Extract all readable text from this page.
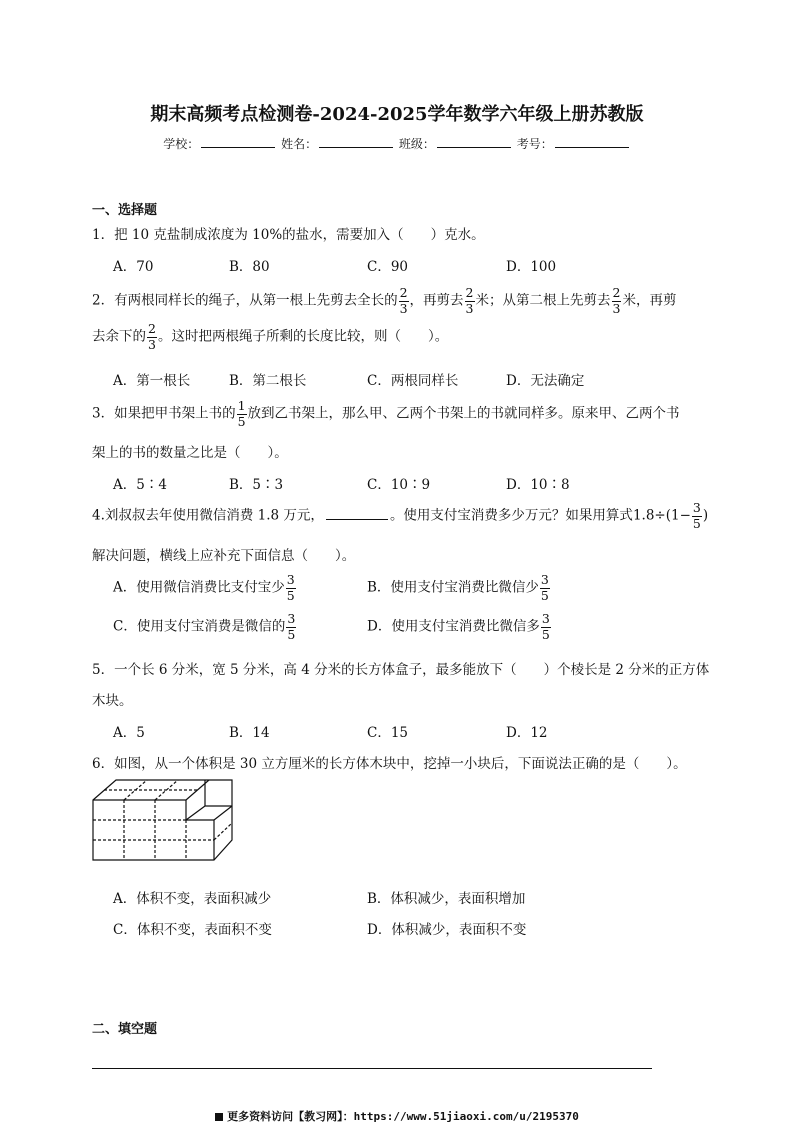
期末高频考点检测卷-2024-2025学年数学六年级上册苏教版
学校：	姓名：	班级：	考号：
一、选择题
1．把 10 克盐制成浓度为 10%的盐水，需要加入（　　）克水。
A．70	B．80	C．90	D．100
2．有两根同样长的绳子，从第一根上先剪去全长的 $\frac{2}{3}$ ，再剪去 $\frac{2}{3}$ 米；从第二根上先剪去 $\frac{2}{3}$ 米，再剪
去余下的 $\frac{2}{3}$ 。这时把两根绳子所剩的长度比较，则（　　）。
A．第一根长	B．第二根长	C．两根同样长	D．无法确定
3．如果把甲书架上书的 $\frac{1}{5}$ 放到乙书架上，那么甲、乙两个书架上的书就同样多。原来甲、乙两个书
架上的书的数量之比是（　　）。
A．5∶4	B．5∶3	C．10∶9	D．10∶8
4.刘叔叔去年使用微信消费 1.8 万元，	。使用支付宝消费多少万元？如果用算式$1.8\div(1- \frac{3}{5}$ )
解决问题，横线上应补充下面信息（　　）。
A．使用微信消费比支付宝少 $\frac{3}{5}$	B．使用支付宝消费比微信少 $\frac{3}{5}$
C．使用支付宝消费是微信的 $\frac{3}{5}$	D．使用支付宝消费比微信多 $\frac{3}{5}$
5．一个长 6 分米，宽 5 分米，高 4 分米的长方体盒子，最多能放下（　　）个棱长是 2 分米的正方体
木块。
A．5	B．14	C．15	D．12
6．如图，从一个体积是 30 立方厘米的长方体木块中，挖掉一小块后，下面说法正确的是（　　）。
A．体积不变，表面积减少	B．体积减少，表面积增加
C．体积不变，表面积不变	D．体积减少，表面积不变
二、填空题
更多资料访问【教习网】：https://www.51jiaoxi.com/u/2195370
